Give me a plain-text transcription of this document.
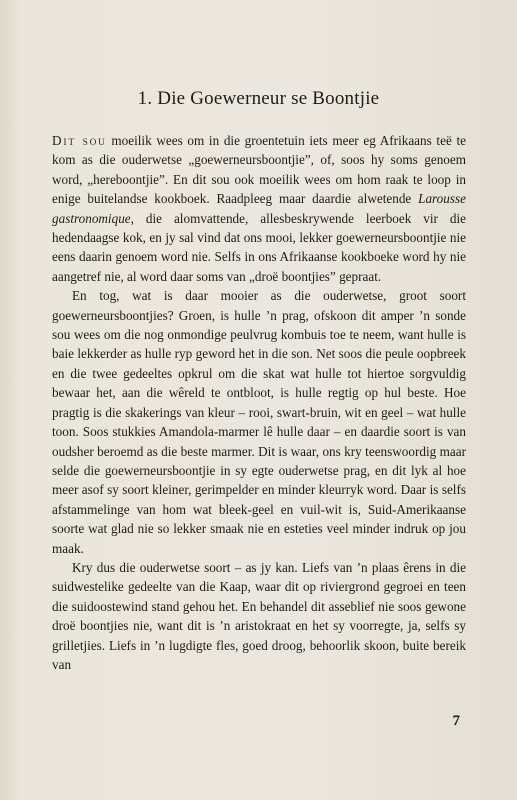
1. Die Goewerneur se Boontjie

Dit sou moeilik wees om in die groentetuin iets meer eg Afrikaans teë te kom as die ouderwetse „goewerneursboontjie”, of, soos hy soms genoem word, „hereboontjie”. En dit sou ook moeilik wees om hom raak te loop in enige buitelandse kookboek. Raadpleeg maar daardie alwetende Larousse gastronomique, die alomvattende, allesbeskrywende leerboek vir die hedendaagse kok, en jy sal vind dat ons mooi, lekker goewerneursboontjie nie eens daarin genoem word nie. Selfs in ons Afrikaanse kookboeke word hy nie aangetref nie, al word daar soms van „droë boontjies” gepraat.

En tog, wat is daar mooier as die ouderwetse, groot soort goewerneursboontjies? Groen, is hulle ’n prag, ofskoon dit amper ’n sonde sou wees om die nog onmondige peulvrug kombuis toe te neem, want hulle is baie lekkerder as hulle ryp geword het in die son. Net soos die peule oopbreek en die twee gedeeltes opkrul om die skat wat hulle tot hiertoe sorgvuldig bewaar het, aan die wêreld te ontbloot, is hulle regtig op hul beste. Hoe pragtig is die skakerings van kleur – rooi, swart-bruin, wit en geel – wat hulle toon. Soos stukkies Amandola-marmer lê hulle daar – en daardie soort is van oudsher beroemd as die beste marmer. Dit is waar, ons kry teenswoordig maar selde die goewerneursboontjie in sy egte ouderwetse prag, en dit lyk al hoe meer asof sy soort kleiner, gerimpelder en minder kleurryk word. Daar is selfs afstammelinge van hom wat bleek-geel en vuil-wit is, Suid-Amerikaanse soorte wat glad nie so lekker smaak nie en esteties veel minder indruk op jou maak.

Kry dus die ouderwetse soort – as jy kan. Liefs van ’n plaas êrens in die suidwestelike gedeelte van die Kaap, waar dit op riviergrond gegroei en teen die suidoostewind stand gehou het. En behandel dit asseblief nie soos gewone droë boontjies nie, want dit is ’n aristokraat en het sy voorregte, ja, selfs sy grilletjies. Liefs in ’n lugdigte fles, goed droog, behoorlik skoon, buite bereik van

7
